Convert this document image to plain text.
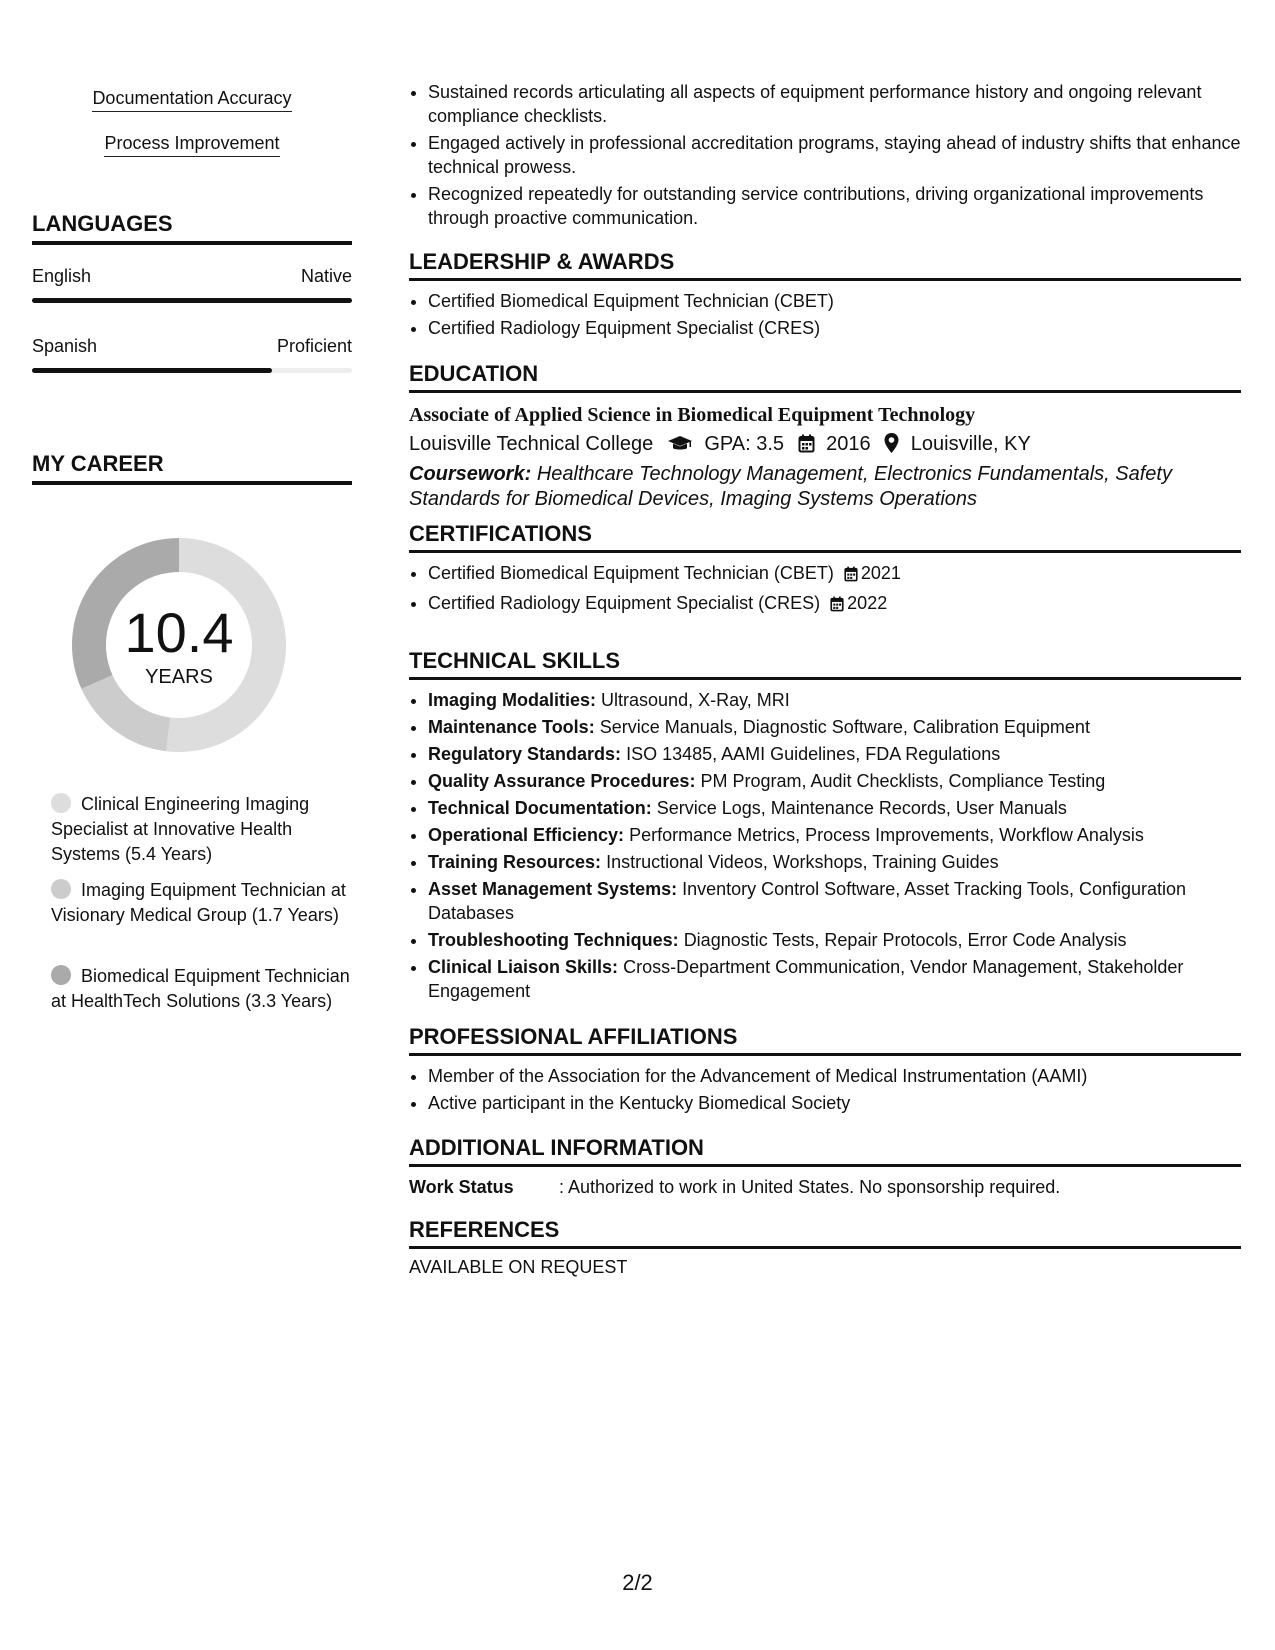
Documentation Accuracy
Process Improvement
LANGUAGES
English	Native
Spanish	Proficient
MY CAREER
10.4
YEARS
Clinical Engineering Imaging Specialist at Innovative Health Systems (5.4 Years)
Imaging Equipment Technician at Visionary Medical Group (1.7 Years)
Biomedical Equipment Technician at HealthTech Solutions (3.3 Years)
• Sustained records articulating all aspects of equipment performance history and ongoing relevant compliance checklists.
• Engaged actively in professional accreditation programs, staying ahead of industry shifts that enhance technical prowess.
• Recognized repeatedly for outstanding service contributions, driving organizational improvements through proactive communication.
LEADERSHIP & AWARDS
• Certified Biomedical Equipment Technician (CBET)
• Certified Radiology Equipment Specialist (CRES)
EDUCATION
Associate of Applied Science in Biomedical Equipment Technology
Louisville Technical College	GPA: 3.5 2016 Louisville, KY
Coursework: Healthcare Technology Management, Electronics Fundamentals, Safety Standards for Biomedical Devices, Imaging Systems Operations
CERTIFICATIONS
• Certified Biomedical Equipment Technician (CBET) 2021
• Certified Radiology Equipment Specialist (CRES) 2022
TECHNICAL SKILLS
• Imaging Modalities: Ultrasound, X-Ray, MRI
• Maintenance Tools: Service Manuals, Diagnostic Software, Calibration Equipment
• Regulatory Standards: ISO 13485, AAMI Guidelines, FDA Regulations
• Quality Assurance Procedures: PM Program, Audit Checklists, Compliance Testing
• Technical Documentation: Service Logs, Maintenance Records, User Manuals
• Operational Efficiency: Performance Metrics, Process Improvements, Workflow Analysis
• Training Resources: Instructional Videos, Workshops, Training Guides
• Asset Management Systems: Inventory Control Software, Asset Tracking Tools, Configuration Databases
• Troubleshooting Techniques: Diagnostic Tests, Repair Protocols, Error Code Analysis
• Clinical Liaison Skills: Cross-Department Communication, Vendor Management, Stakeholder Engagement
PROFESSIONAL AFFILIATIONS
• Member of the Association for the Advancement of Medical Instrumentation (AAMI)
• Active participant in the Kentucky Biomedical Society
ADDITIONAL INFORMATION
Work Status	: Authorized to work in United States. No sponsorship required.
REFERENCES
AVAILABLE ON REQUEST
2/2
